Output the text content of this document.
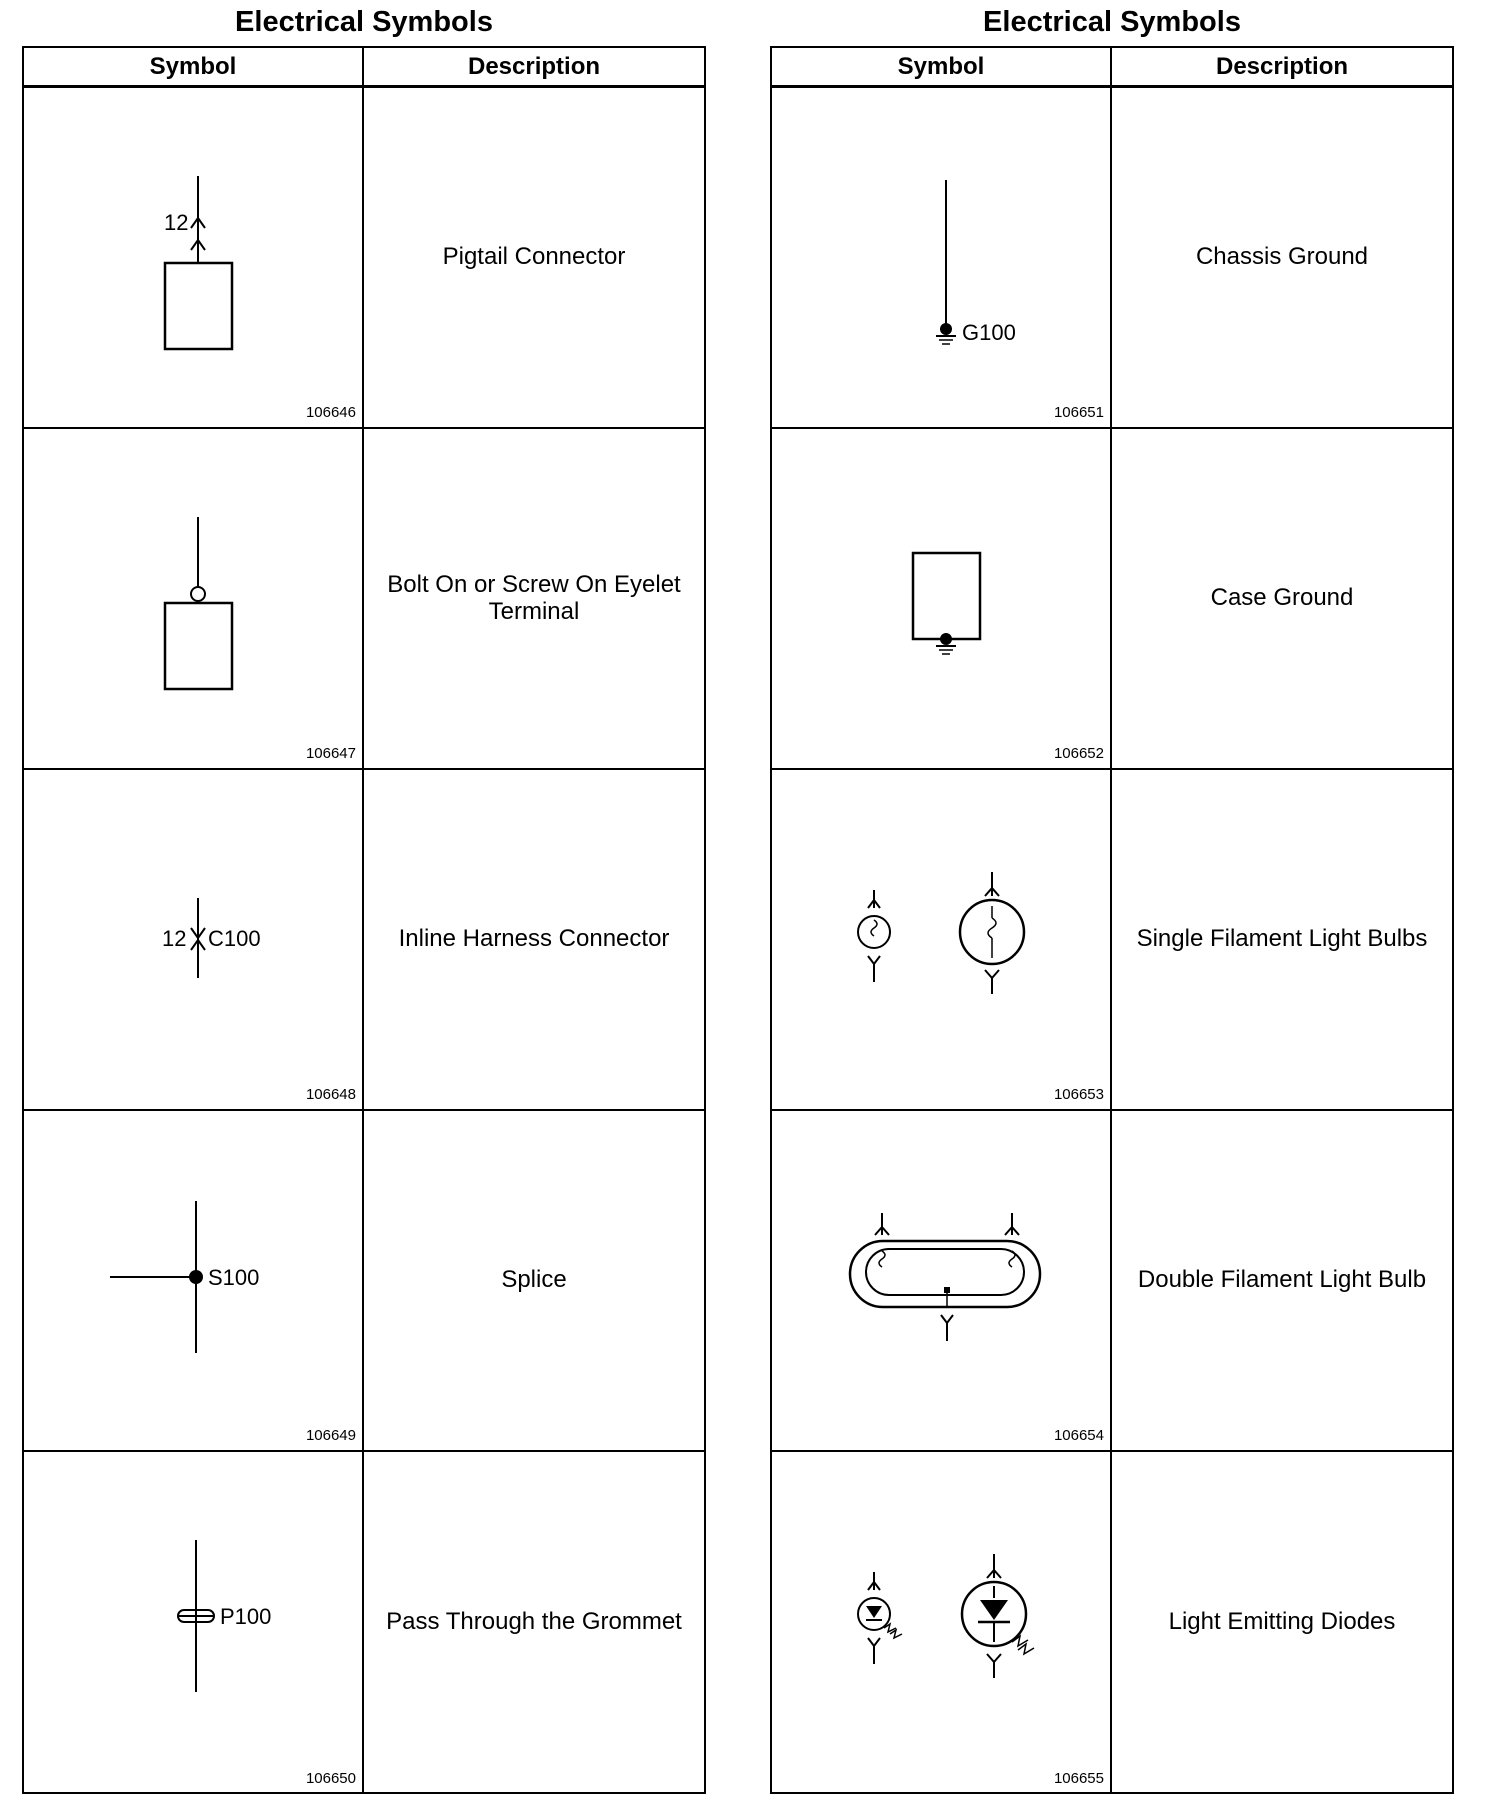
Electrical Symbols
Symbol	Description
12
106646
Pigtail Connector
106647
Bolt On or Screw On Eyelet Terminal
12 C100
106648
Inline Harness Connector
S100
106649
Splice
P100
106650
Pass Through the Grommet
Electrical Symbols
Symbol	Description
G100
106651
Chassis Ground
106652
Case Ground
106653
Single Filament Light Bulbs
106654
Double Filament Light Bulb
106655
Light Emitting Diodes
